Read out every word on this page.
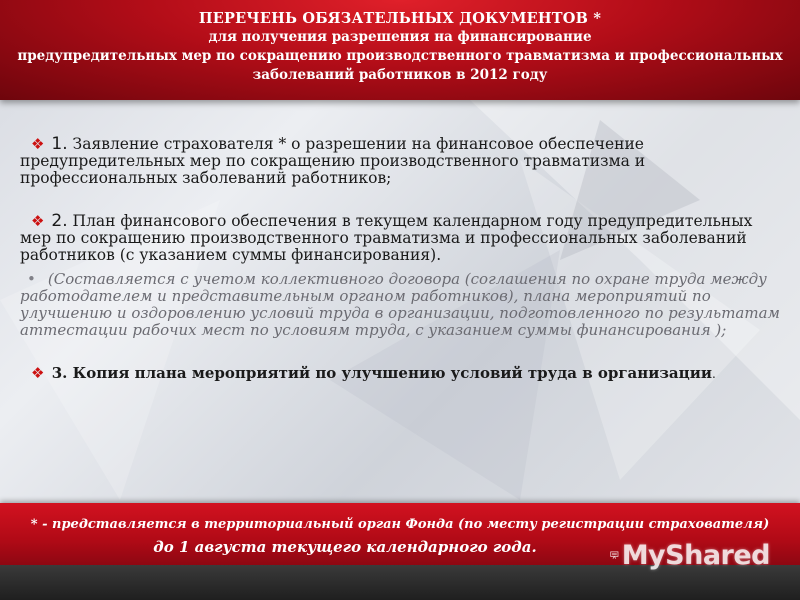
ПЕРЕЧЕНЬ ОБЯЗАТЕЛЬНЫХ ДОКУМЕНТОВ *
для получения разрешения на финансирование
предупредительных мер по сокращению производственного травматизма и профессиональных
заболеваний работников в 2012 году
❖ 1. Заявление страхователя * о разрешении на финансовое обеспечение предупредительных мер по сокращению производственного травматизма и профессиональных заболеваний работников;
❖ 2. План финансового обеспечения в текущем календарном году предупредительных мер по сокращению производственного травматизма и профессиональных заболеваний работников (с указанием суммы финансирования).
• (Составляется с учетом коллективного договора (соглашения по охране труда между работодателем и представительным органом работников), плана мероприятий по улучшению и оздоровлению условий труда в организации, подготовленного по результатам аттестации рабочих мест по условиям труда, с указанием суммы финансирования );
❖ 3. Копия плана мероприятий по улучшению условий труда в организации.
* - представляется в территориальный орган Фонда (по месту регистрации страхователя)
до 1 августа текущего календарного года.	MyShared
